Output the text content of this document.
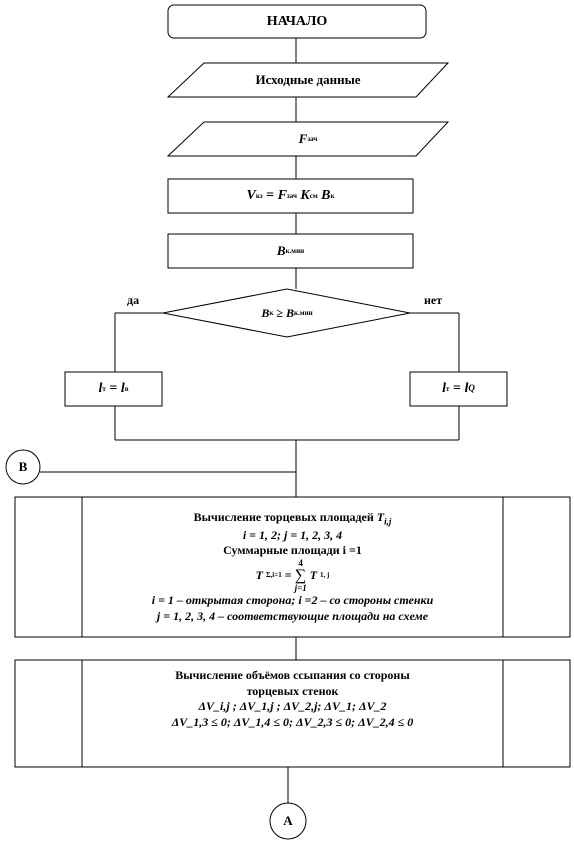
НАЧАЛО
Исходные данные
F зач
V кз
=
F зач
K см
B к
B к.мин
B к
≥
B к.мин
да	нет
l т
=
l в	l т
=
l Q
В
Вычисление торцевых площадей $T_{i,j}$
i = 1, 2; j = 1, 2, 3, 4
Суммарные площади i =1
T Σ,i=1 =
4
∑
j=1
T 1, j
i = 1 – открытая сторона; i =2 – со стороны стенки
j = 1, 2, 3, 4 – соответствующие площади на схеме
Вычисление объёмов ссыпания со стороны
торцевых стенок
ΔV_i,j ; ΔV_1,j ; ΔV_2,j; ΔV_1; ΔV_2
ΔV_1,3 ≤ 0; ΔV_1,4 ≤ 0; ΔV_2,3 ≤ 0; ΔV_2,4 ≤ 0
А
